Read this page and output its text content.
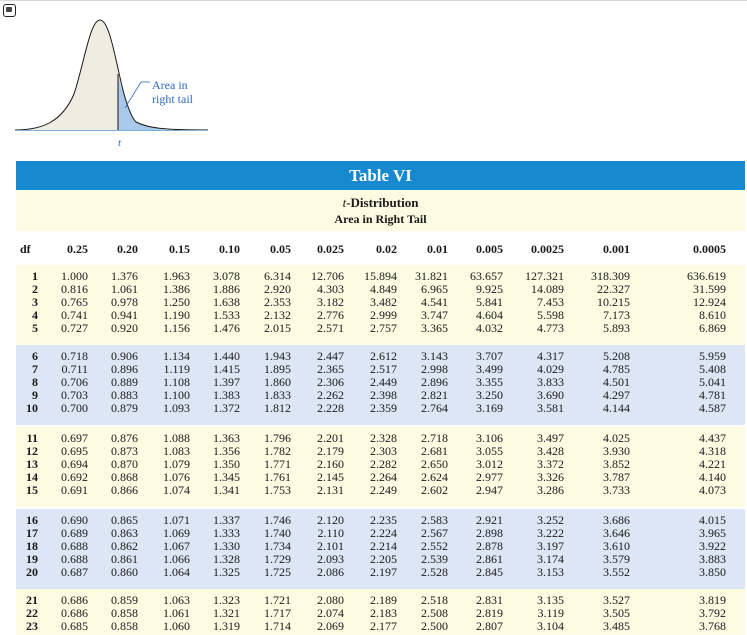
Area in
right tail
t
Table VI
t-Distribution
Area in Right Tail
df	0.25	0.20	0.15	0.10	0.05	0.025	0.02	0.01	0.005	0.0025	0.001	0.0005
1	1.000	1.376	1.963	3.078	6.314	12.706	15.894	31.821	63.657	127.321	318.309	636.619
2	0.816	1.061	1.386	1.886	2.920	4.303	4.849	6.965	9.925	14.089	22.327	31.599
3	0.765	0.978	1.250	1.638	2.353	3.182	3.482	4.541	5.841	7.453	10.215	12.924
4	0.741	0.941	1.190	1.533	2.132	2.776	2.999	3.747	4.604	5.598	7.173	8.610
5	0.727	0.920	1.156	1.476	2.015	2.571	2.757	3.365	4.032	4.773	5.893	6.869
6	0.718	0.906	1.134	1.440	1.943	2.447	2.612	3.143	3.707	4.317	5.208	5.959
7	0.711	0.896	1.119	1.415	1.895	2.365	2.517	2.998	3.499	4.029	4.785	5.408
8	0.706	0.889	1.108	1.397	1.860	2.306	2.449	2.896	3.355	3.833	4.501	5.041
9	0.703	0.883	1.100	1.383	1.833	2.262	2.398	2.821	3.250	3.690	4.297	4.781
10	0.700	0.879	1.093	1.372	1.812	2.228	2.359	2.764	3.169	3.581	4.144	4.587
11	0.697	0.876	1.088	1.363	1.796	2.201	2.328	2.718	3.106	3.497	4.025	4.437
12	0.695	0.873	1.083	1.356	1.782	2.179	2.303	2.681	3.055	3.428	3.930	4.318
13	0.694	0.870	1.079	1.350	1.771	2.160	2.282	2.650	3.012	3.372	3.852	4.221
14	0.692	0.868	1.076	1.345	1.761	2.145	2.264	2.624	2.977	3.326	3.787	4.140
15	0.691	0.866	1.074	1.341	1.753	2.131	2.249	2.602	2.947	3.286	3.733	4.073
16	0.690	0.865	1.071	1.337	1.746	2.120	2.235	2.583	2.921	3.252	3.686	4.015
17	0.689	0.863	1.069	1.333	1.740	2.110	2.224	2.567	2.898	3.222	3.646	3.965
18	0.688	0.862	1.067	1.330	1.734	2.101	2.214	2.552	2.878	3.197	3.610	3.922
19	0.688	0.861	1.066	1.328	1.729	2.093	2.205	2.539	2.861	3.174	3.579	3.883
20	0.687	0.860	1.064	1.325	1.725	2.086	2.197	2.528	2.845	3.153	3.552	3.850
21	0.686	0.859	1.063	1.323	1.721	2.080	2.189	2.518	2.831	3.135	3.527	3.819
22	0.686	0.858	1.061	1.321	1.717	2.074	2.183	2.508	2.819	3.119	3.505	3.792
23	0.685	0.858	1.060	1.319	1.714	2.069	2.177	2.500	2.807	3.104	3.485	3.768
